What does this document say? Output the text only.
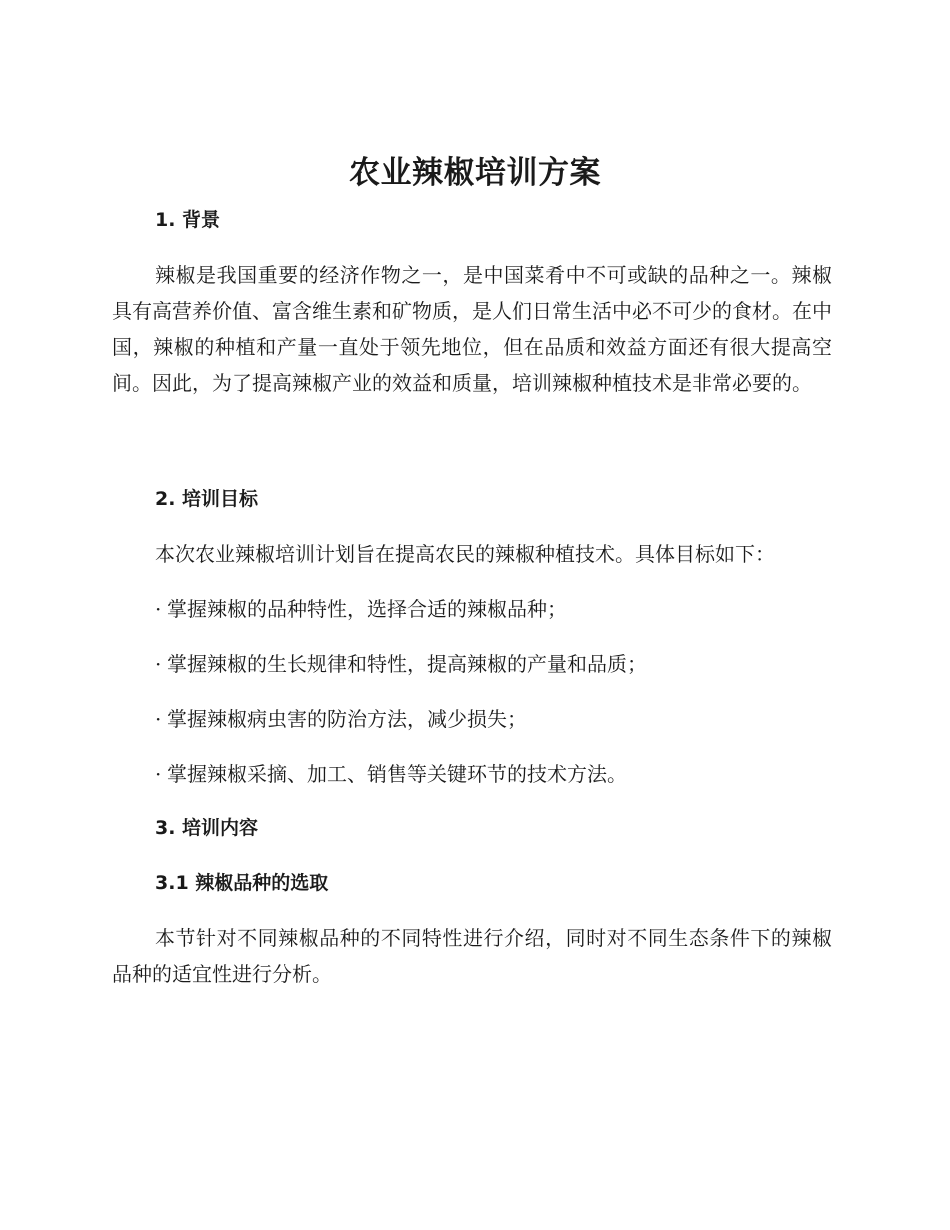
农业辣椒培训方案
1. 背景

辣椒是我国重要的经济作物之一，是中国菜肴中不可或缺的品种之一。辣椒具有高营养价值、富含维生素和矿物质，是人们日常生活中必不可少的食材。在中国，辣椒的种植和产量一直处于领先地位，但在品质和效益方面还有很大提高空间。因此，为了提高辣椒产业的效益和质量，培训辣椒种植技术是非常必要的。

2. 培训目标

本次农业辣椒培训计划旨在提高农民的辣椒种植技术。具体目标如下：

· 掌握辣椒的品种特性，选择合适的辣椒品种；
· 掌握辣椒的生长规律和特性，提高辣椒的产量和品质；
· 掌握辣椒病虫害的防治方法，减少损失；
· 掌握辣椒采摘、加工、销售等关键环节的技术方法。
3. 培训内容
3.1 辣椒品种的选取

本节针对不同辣椒品种的不同特性进行介绍，同时对不同生态条件下的辣椒品种的适宜性进行分析。
